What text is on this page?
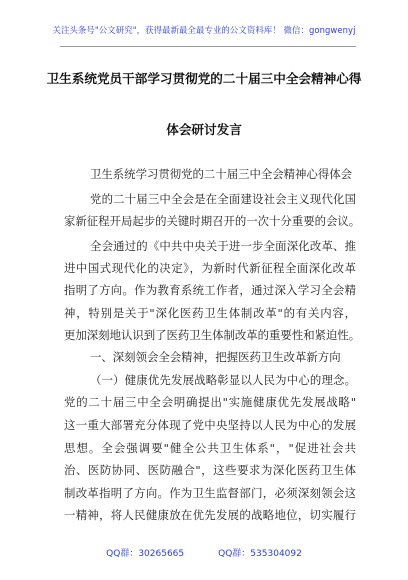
关注头条号"公文研究"，获得最新最全最专业的公文资料库！ 微信：gongwenyj
卫生系统党员干部学习贯彻党的二十届三中全会精神心得
体会研讨发言
卫生系统学习贯彻党的二十届三中全会精神心得体会
党的二十届三中全会是在全面建设社会主义现代化国
家新征程开局起步的关键时期召开的一次十分重要的会议。
全会通过的《中共中央关于进一步全面深化改革、推
进中国式现代化的决定》，为新时代新征程全面深化改革
指明了方向。作为教育系统工作者，通过深入学习全会精
神，特别是关于"深化医药卫生体制改革"的有关内容，
更加深刻地认识到了医药卫生体制改革的重要性和紧迫性。
一、深刻领会全会精神，把握医药卫生改革新方向
（一）健康优先发展战略彰显以人民为中心的理念。
党的二十届三中全会明确提出"实施健康优先发展战略"
这一重大部署充分体现了党中央坚持以人民为中心的发展
思想。全会强调要"健全公共卫生体系"，"促进社会共
治、医防协同、医防融合"，这些要求为深化医药卫生体
制改革指明了方向。作为卫生监督部门，必须深刻领会这
一精神，将人民健康放在优先发展的战略地位，切实履行
QQ群：30265665	QQ群：535304092
